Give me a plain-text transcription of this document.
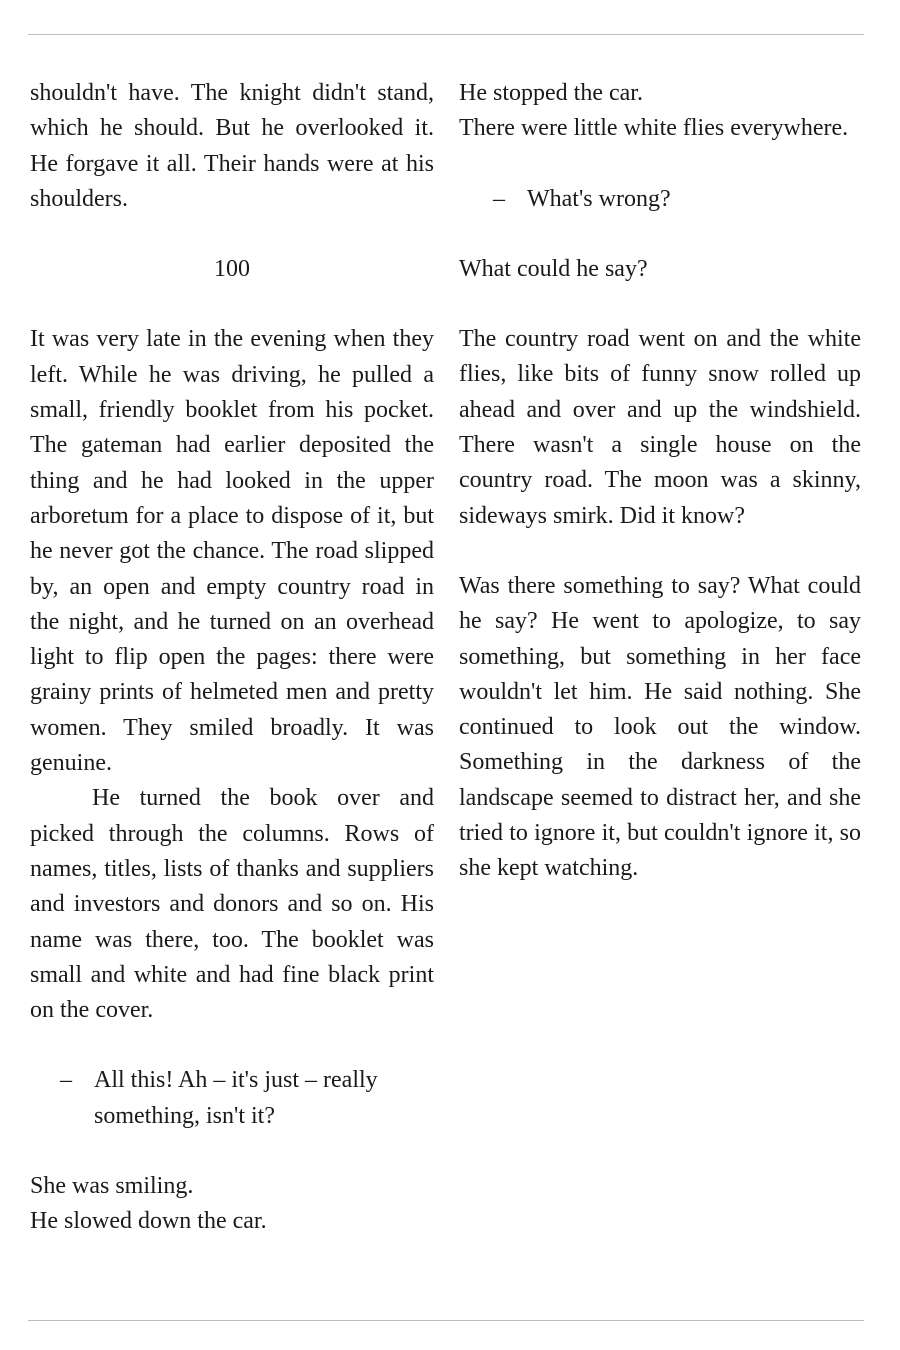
shouldn't have. The knight didn't stand, which he should. But he overlooked it. He forgave it all. Their hands were at his shoulders.

100

It was very late in the evening when they left. While he was driving, he pulled a small, friendly booklet from his pocket. The gateman had earlier deposited the thing and he had looked in the upper arboretum for a place to dispose of it, but he never got the chance. The road slipped by, an open and empty country road in the night, and he turned on an overhead light to flip open the pages: there were grainy prints of helmeted men and pretty women. They smiled broadly. It was genuine.

He turned the book over and picked through the columns. Rows of names, titles, lists of thanks and suppliers and investors and donors and so on. His name was there, too. The booklet was small and white and had fine black print on the cover.

– All this! Ah – it's just – really something, isn't it?

She was smiling.

He slowed down the car.

He stopped the car.

There were little white flies everywhere.

– What's wrong?

What could he say?

The country road went on and the white flies, like bits of funny snow rolled up ahead and over and up the windshield. There wasn't a single house on the country road. The moon was a skinny, sideways smirk. Did it know?

Was there something to say? What could he say? He went to apologize, to say something, but something in her face wouldn't let him. He said nothing. She continued to look out the window. Something in the darkness of the landscape seemed to distract her, and she tried to ignore it, but couldn't ignore it, so she kept watching.
